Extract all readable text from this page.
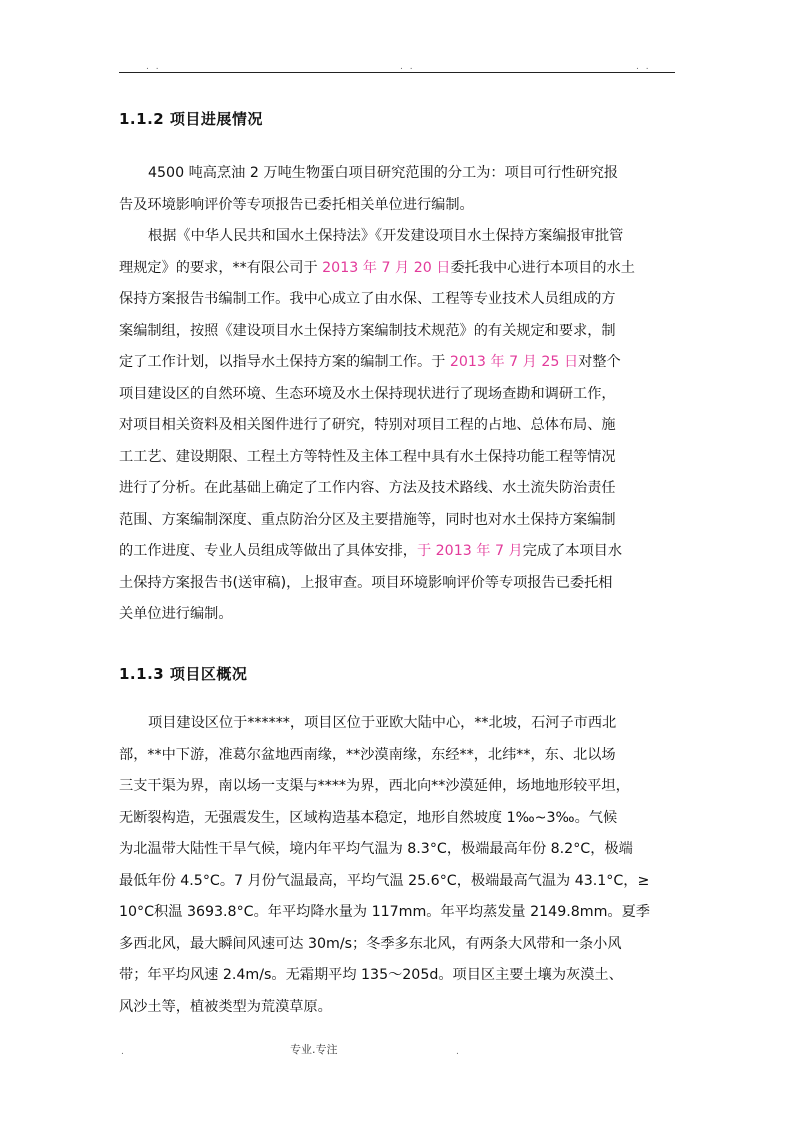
. .	. .	. .
1.1.2 项目进展情况
4500 吨高烹油 2 万吨生物蛋白项目研究范围的分工为：项目可行性研究报
告及环境影响评价等专项报告已委托相关单位进行编制。
根据《中华人民共和国水土保持法》《开发建设项目水土保持方案编报审批管
理规定》的要求，**有限公司于 2013 年 7 月 20 日委托我中心进行本项目的水土
保持方案报告书编制工作。我中心成立了由水保、工程等专业技术人员组成的方
案编制组，按照《建设项目水土保持方案编制技术规范》的有关规定和要求，制
定了工作计划，以指导水土保持方案的编制工作。于 2013 年 7 月 25 日对整个
项目建设区的自然环境、生态环境及水土保持现状进行了现场查勘和调研工作，
对项目相关资料及相关图件进行了研究，特别对项目工程的占地、总体布局、施
工工艺、建设期限、工程土方等特性及主体工程中具有水土保持功能工程等情况
进行了分析。在此基础上确定了工作内容、方法及技术路线、水土流失防治责任
范围、方案编制深度、重点防治分区及主要措施等，同时也对水土保持方案编制
的工作进度、专业人员组成等做出了具体安排，于 2013 年 7 月完成了本项目水
土保持方案报告书(送审稿)，上报审查。项目环境影响评价等专项报告已委托相
关单位进行编制。
1.1.3 项目区概况
项目建设区位于******，项目区位于亚欧大陆中心，**北坡，石河子市西北
部，**中下游，准葛尔盆地西南缘，**沙漠南缘，东经**，北纬**，东、北以场
三支干渠为界，南以场一支渠与****为界，西北向**沙漠延伸，场地地形较平坦，
无断裂构造，无强震发生，区域构造基本稳定，地形自然坡度 1‰~3‰。气候
为北温带大陆性干旱气候，境内年平均气温为 8.3°C，极端最高年份 8.2°C，极端
最低年份 4.5°C。7 月份气温最高，平均气温 25.6°C，极端最高气温为 43.1°C，≥
10°C积温 3693.8°C。年平均降水量为 117mm。年平均蒸发量 2149.8mm。夏季
多西北风，最大瞬间风速可达 30m/s；冬季多东北风，有两条大风带和一条小风
带；年平均风速 2.4m/s。无霜期平均 135～205d。项目区主要土壤为灰漠土、
风沙土等，植被类型为荒漠草原。
.	专业.专注	.
